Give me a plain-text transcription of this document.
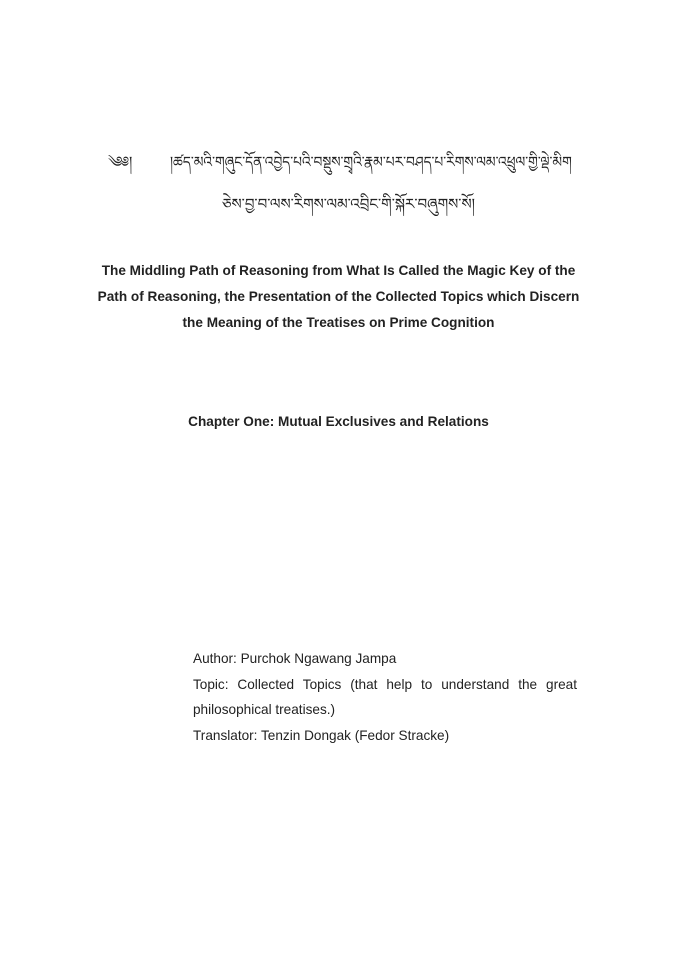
༄༅།	།ཚད་མའི་གཞུང་དོན་འབྱེད་པའི་བསྡུས་གྲྭའི་རྣམ་པར་བཤད་པ་རིགས་ལམ་འཕྲུལ་གྱི་ལྡེ་མིག
ཅེས་བྱ་བ་ལས་རིགས་ལམ་འབྲིང་གི་སྐོར་བཞུགས་སོ།
The Middling Path of Reasoning from What Is Called the Magic Key of the
Path of Reasoning, the Presentation of the Collected Topics which Discern
the Meaning of the Treatises on Prime Cognition
Chapter One: Mutual Exclusives and Relations
Author: Purchok Ngawang Jampa
Topic: Collected Topics (that help to understand the great philosophical treatises.)
Translator: Tenzin Dongak (Fedor Stracke)
